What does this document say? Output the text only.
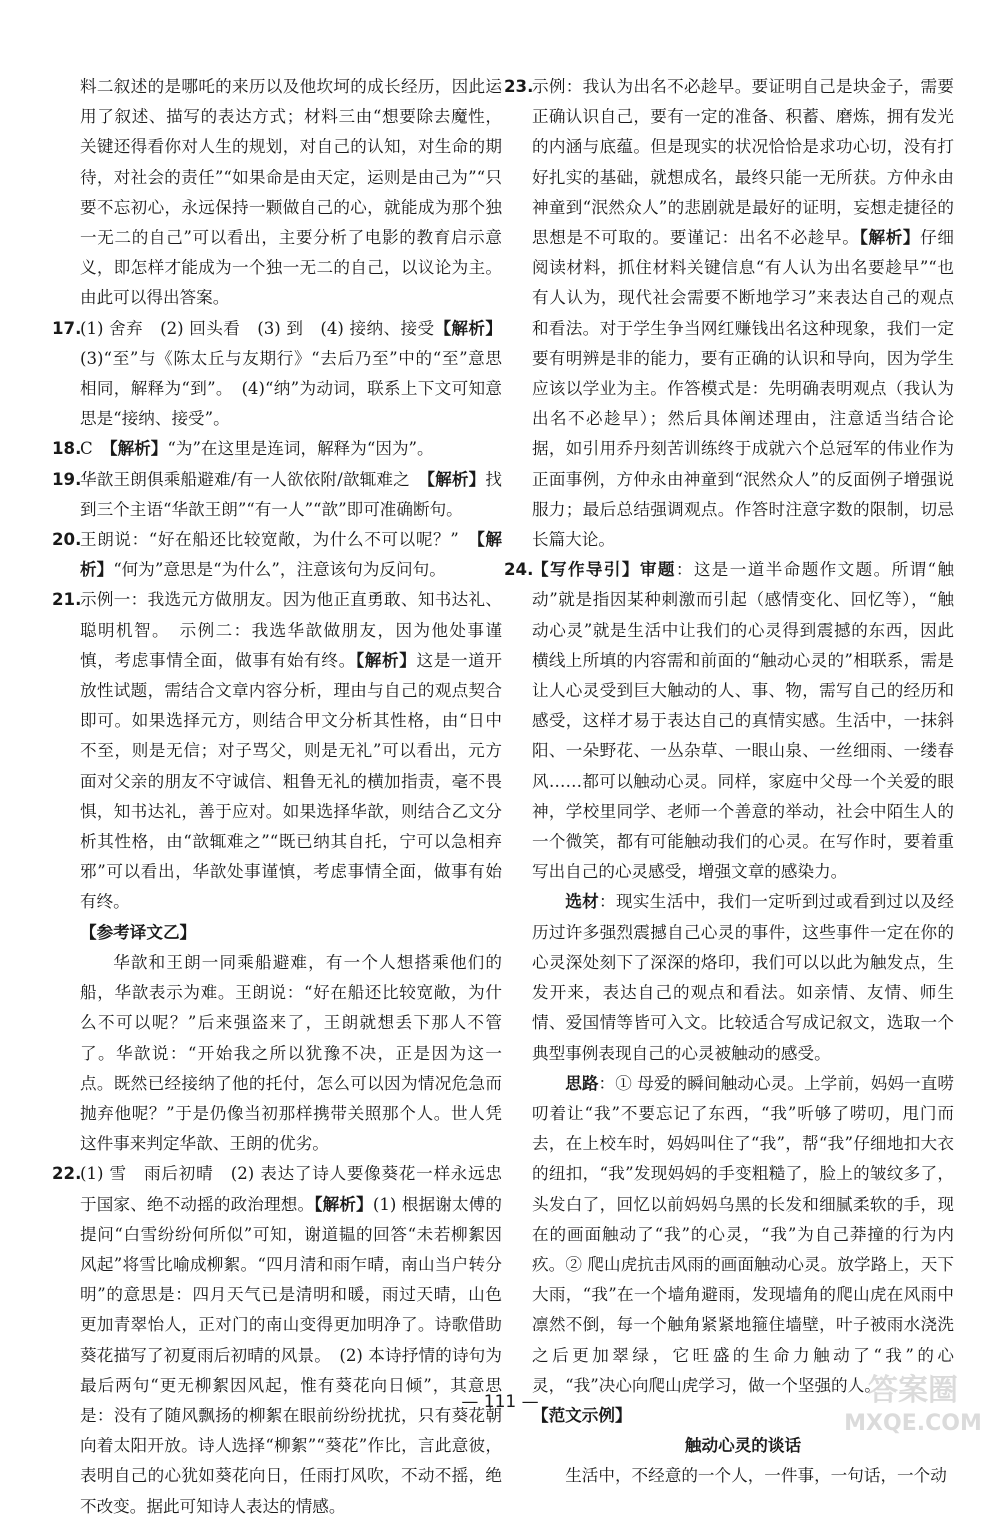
料二叙述的是哪吒的来历以及他坎坷的成长经历，因此运用了叙述、描写的表达方式；材料三由“想要除去魔性，关键还得看你对人生的规划，对自己的认知，对生命的期待，对社会的责任”“如果命是由天定，运则是由己为”“只要不忘初心，永远保持一颗做自己的心，就能成为那个独一无二的自己”可以看出，主要分析了电影的教育启示意义，即怎样才能成为一个独一无二的自己，以议论为主。由此可以得出答案。

17.
(1) 舍弃　(2) 回头看　(3) 到　(4) 接纳、接受【解析】(3)“至”与《陈太丘与友期行》“去后乃至”中的“至”意思相同，解释为“到”。　(4)“纳”为动词，联系上下文可知意思是“接纳、接受”。

18.
C　【解析】“为”在这里是连词，解释为“因为”。

19.
华歆王朗俱乘船避难/有一人欲依附/歆辄难之　【解析】找到三个主语“华歆王朗”“有一人”“歆”即可准确断句。

20.
王朗说：“好在船还比较宽敞，为什么不可以呢？”　【解析】“何为”意思是“为什么”，注意该句为反问句。

21.
示例一：我选元方做朋友。因为他正直勇敢、知书达礼、聪明机智。　示例二：我选华歆做朋友，因为他处事谨慎，考虑事情全面，做事有始有终。【解析】这是一道开放性试题，需结合文章内容分析，理由与自己的观点契合即可。如果选择元方，则结合甲文分析其性格，由“日中不至，则是无信；对子骂父，则是无礼”可以看出，元方面对父亲的朋友不守诚信、粗鲁无礼的横加指责，毫不畏惧，知书达礼，善于应对。如果选择华歆，则结合乙文分析其性格，由“歆辄难之”“既已纳其自托，宁可以急相弃邪”可以看出，华歆处事谨慎，考虑事情全面，做事有始有终。

【参考译文乙】

华歆和王朗一同乘船避难，有一个人想搭乘他们的船，华歆表示为难。王朗说：“好在船还比较宽敞，为什么不可以呢？”后来强盗来了，王朗就想丢下那人不管了。华歆说：“开始我之所以犹豫不决，正是因为这一点。既然已经接纳了他的托付，怎么可以因为情况危急而抛弃他呢？”于是仍像当初那样携带关照那个人。世人凭这件事来判定华歆、王朗的优劣。

22.
(1) 雪　雨后初晴　(2) 表达了诗人要像葵花一样永远忠于国家、绝不动摇的政治理想。【解析】(1) 根据谢太傅的提问“白雪纷纷何所似”可知，谢道韫的回答“未若柳絮因风起”将雪比喻成柳絮。“四月清和雨乍晴，南山当户转分明”的意思是：四月天气已是清明和暖，雨过天晴，山色更加青翠怡人，正对门的南山变得更加明净了。诗歌借助葵花描写了初夏雨后初晴的风景。　(2) 本诗抒情的诗句为最后两句“更无柳絮因风起，惟有葵花向日倾”，其意思是：没有了随风飘扬的柳絮在眼前纷纷扰扰，只有葵花朝向着太阳开放。诗人选择“柳絮”“葵花”作比，言此意彼，表明自己的心犹如葵花向日，任雨打风吹，不动不摇，绝不改变。据此可知诗人表达的情感。

23.
示例：我认为出名不必趁早。要证明自己是块金子，需要正确认识自己，要有一定的准备、积蓄、磨炼，拥有发光的内涵与底蕴。但是现实的状况恰恰是求功心切，没有打好扎实的基础，就想成名，最终只能一无所获。方仲永由神童到“泯然众人”的悲剧就是最好的证明，妄想走捷径的思想是不可取的。要谨记：出名不必趁早。【解析】仔细阅读材料，抓住材料关键信息“有人认为出名要趁早”“也有人认为，现代社会需要不断地学习”来表达自己的观点和看法。对于学生争当网红赚钱出名这种现象，我们一定要有明辨是非的能力，要有正确的认识和导向，因为学生应该以学业为主。作答模式是：先明确表明观点（我认为出名不必趁早）；然后具体阐述理由，注意适当结合论据，如引用乔丹刻苦训练终于成就六个总冠军的伟业作为正面事例，方仲永由神童到“泯然众人”的反面例子增强说服力；最后总结强调观点。作答时注意字数的限制，切忌长篇大论。

24.
【写作导引】审题：这是一道半命题作文题。所谓“触动”就是指因某种刺激而引起（感情变化、回忆等），“触动心灵”就是生活中让我们的心灵得到震撼的东西，因此横线上所填的内容需和前面的“触动心灵的”相联系，需是让人心灵受到巨大触动的人、事、物，需写自己的经历和感受，这样才易于表达自己的真情实感。生活中，一抹斜阳、一朵野花、一丛杂草、一眼山泉、一丝细雨、一缕春风……都可以触动心灵。同样，家庭中父母一个关爱的眼神，学校里同学、老师一个善意的举动，社会中陌生人的一个微笑，都有可能触动我们的心灵。在写作时，要着重写出自己的心灵感受，增强文章的感染力。

选材：现实生活中，我们一定听到过或看到过以及经历过许多强烈震撼自己心灵的事件，这些事件一定在你的心灵深处刻下了深深的烙印，我们可以以此为触发点，生发开来，表达自己的观点和看法。如亲情、友情、师生情、爱国情等皆可入文。比较适合写成记叙文，选取一个典型事例表现自己的心灵被触动的感受。

思路：① 母爱的瞬间触动心灵。上学前，妈妈一直唠叨着让“我”不要忘记了东西，“我”听够了唠叨，甩门而去，在上校车时，妈妈叫住了“我”，帮“我”仔细地扣大衣的纽扣，“我”发现妈妈的手变粗糙了，脸上的皱纹多了，头发白了，回忆以前妈妈乌黑的长发和细腻柔软的手，现在的画面触动了“我”的心灵，“我”为自己莽撞的行为内疚。② 爬山虎抗击风雨的画面触动心灵。放学路上，天下大雨，“我”在一个墙角避雨，发现墙角的爬山虎在风雨中凛然不倒，每一个触角紧紧地箍住墙壁，叶子被雨水浇洗之后更加翠绿，它旺盛的生命力触动了“我”的心灵，“我”决心向爬山虎学习，做一个坚强的人。

【范文示例】

触动心灵的谈话

生活中，不经意的一个人，一件事，一句话，一个动

— 111 —	答案圈
MXQE.COM
